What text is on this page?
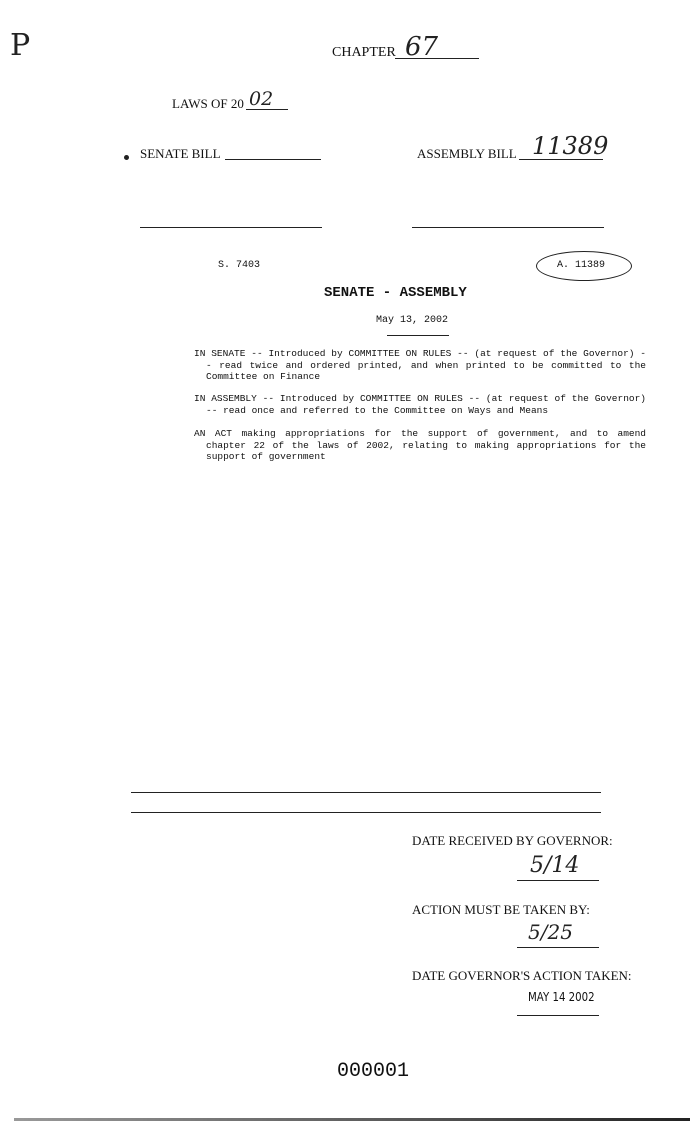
P	CHAPTER 67
LAWS OF 20 02
SENATE BILL	ASSEMBLY BILL 11389
S. 7403	A. 11389
SENATE - ASSEMBLY
May 13, 2002
IN SENATE -- Introduced by COMMITTEE ON RULES -- (at request of the Governor) -- read twice and ordered printed, and when printed to be committed to the Committee on Finance
IN ASSEMBLY -- Introduced by COMMITTEE ON RULES -- (at request of the Governor) -- read once and referred to the Committee on Ways and Means
AN ACT making appropriations for the support of government, and to amend chapter 22 of the laws of 2002, relating to making appropriations for the support of government
DATE RECEIVED BY GOVERNOR:
5/14
ACTION MUST BE TAKEN BY:
5/25
DATE GOVERNOR'S ACTION TAKEN:
MAY 14 2002
000001
